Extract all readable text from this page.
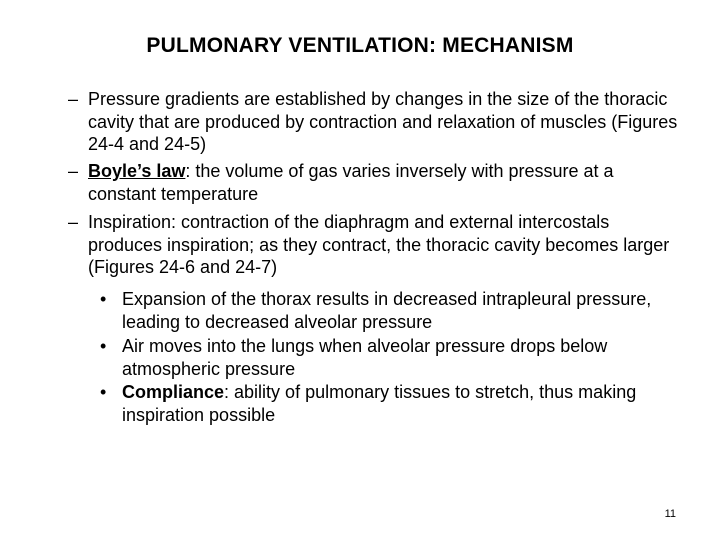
PULMONARY VENTILATION: MECHANISM
– Pressure gradients are established by changes in the size of the thoracic cavity that are produced by contraction and relaxation of muscles (Figures 24-4 and 24-5)
– Boyle’s law: the volume of gas varies inversely with pressure at a constant temperature
– Inspiration: contraction of the diaphragm and external intercostals produces inspiration; as they contract, the thoracic cavity becomes larger (Figures 24-6 and 24-7)
• Expansion of the thorax results in decreased intrapleural pressure, leading to decreased alveolar pressure
• Air moves into the lungs when alveolar pressure drops below atmospheric pressure
• Compliance: ability of pulmonary tissues to stretch, thus making inspiration possible
11
